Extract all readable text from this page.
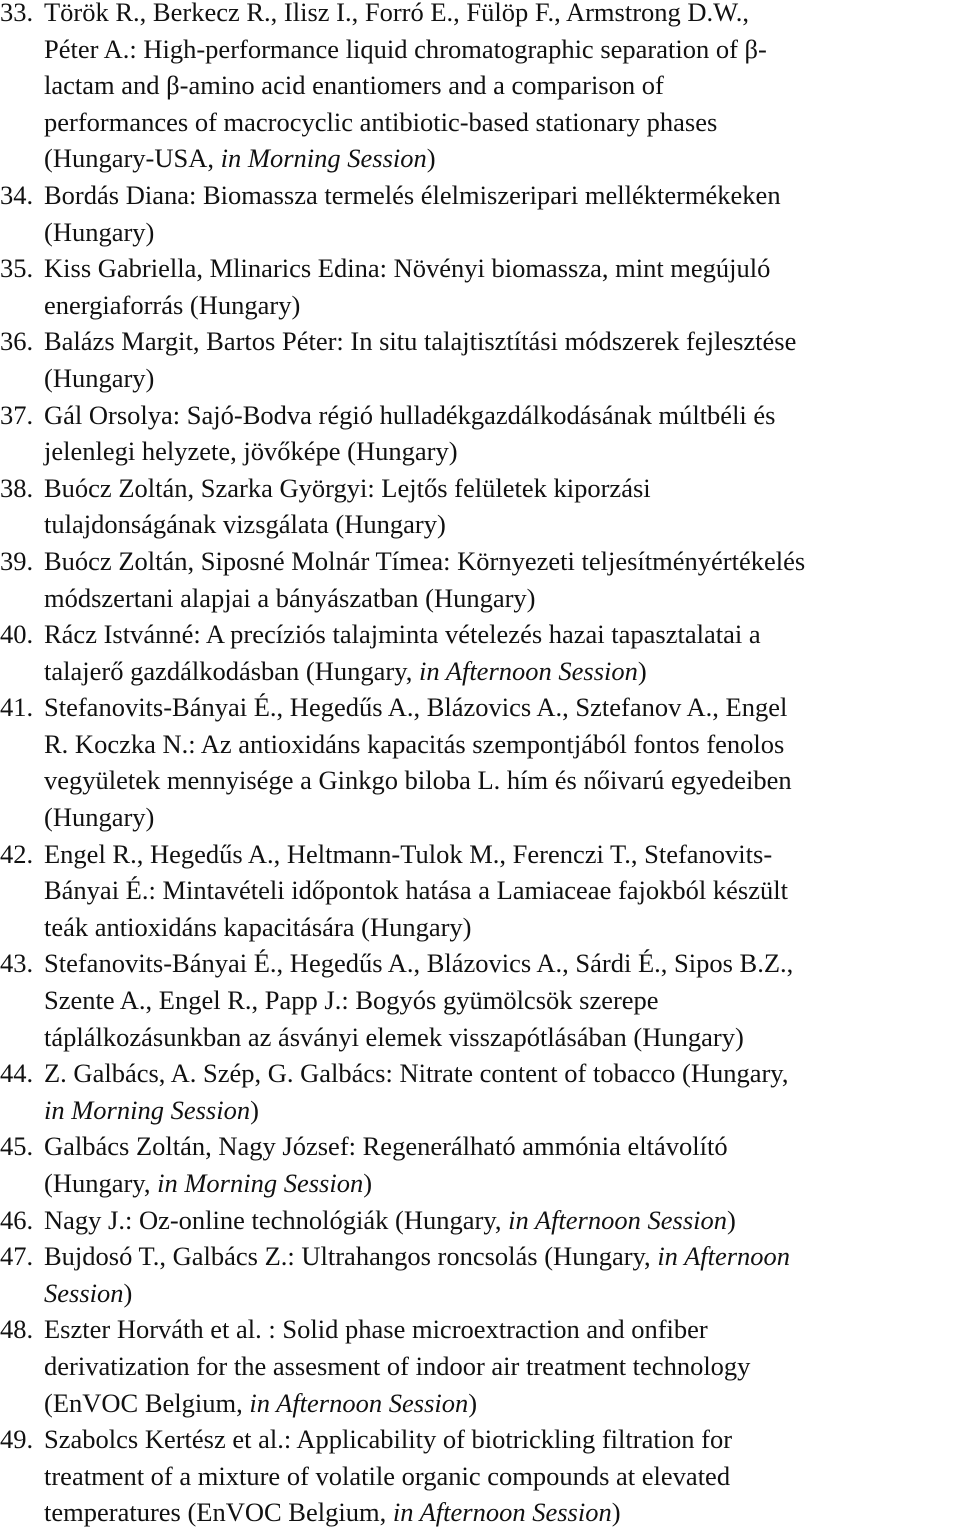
33. Török R., Berkecz R., Ilisz I., Forró E., Fülöp F., Armstrong D.W.,
Péter A.: High-performance liquid chromatographic separation of β-
lactam and β-amino acid enantiomers and a comparison of
performances of macrocyclic antibiotic-based stationary phases
(Hungary-USA, in Morning Session)
34. Bordás Diana: Biomassza termelés élelmiszeripari melléktermékeken
(Hungary)
35. Kiss Gabriella, Mlinarics Edina: Növényi biomassza, mint megújuló
energiaforrás (Hungary)
36. Balázs Margit, Bartos Péter: In situ talajtisztítási módszerek fejlesztése
(Hungary)
37. Gál Orsolya: Sajó-Bodva régió hulladékgazdálkodásának múltbéli és
jelenlegi helyzete, jövőképe (Hungary)
38. Buócz Zoltán, Szarka Györgyi: Lejtős felületek kiporzási
tulajdonságának vizsgálata (Hungary)
39. Buócz Zoltán, Siposné Molnár Tímea: Környezeti teljesítményértékelés
módszertani alapjai a bányászatban (Hungary)
40. Rácz Istvánné: A precíziós talajminta vételezés hazai tapasztalatai a
talajerő gazdálkodásban (Hungary, in Afternoon Session)
41. Stefanovits-Bányai É., Hegedűs A., Blázovics A., Sztefanov A., Engel
R. Koczka N.: Az antioxidáns kapacitás szempontjából fontos fenolos
vegyületek mennyisége a Ginkgo biloba L. hím és nőivarú egyedeiben
(Hungary)
42. Engel R., Hegedűs A., Heltmann-Tulok M., Ferenczi T., Stefanovits-
Bányai É.: Mintavételi időpontok hatása a Lamiaceae fajokból készült
teák antioxidáns kapacitására (Hungary)
43. Stefanovits-Bányai É., Hegedűs A., Blázovics A., Sárdi É., Sipos B.Z.,
Szente A., Engel R., Papp J.: Bogyós gyümölcsök szerepe
táplálkozásunkban az ásványi elemek visszapótlásában (Hungary)
44. Z. Galbács, A. Szép, G. Galbács: Nitrate content of tobacco (Hungary,
in Morning Session)
45. Galbács Zoltán, Nagy József: Regenerálható ammónia eltávolító
(Hungary, in Morning Session)
46. Nagy J.: Oz-online technológiák (Hungary, in Afternoon Session)
47. Bujdosó T., Galbács Z.: Ultrahangos roncsolás (Hungary, in Afternoon
Session)
48. Eszter Horváth et al. : Solid phase microextraction and onfiber
derivatization for the assesment of indoor air treatment technology
(EnVOC Belgium, in Afternoon Session)
49. Szabolcs Kertész et al.: Applicability of biotrickling filtration for
treatment of a mixture of volatile organic compounds at elevated
temperatures (EnVOC Belgium, in Afternoon Session)
